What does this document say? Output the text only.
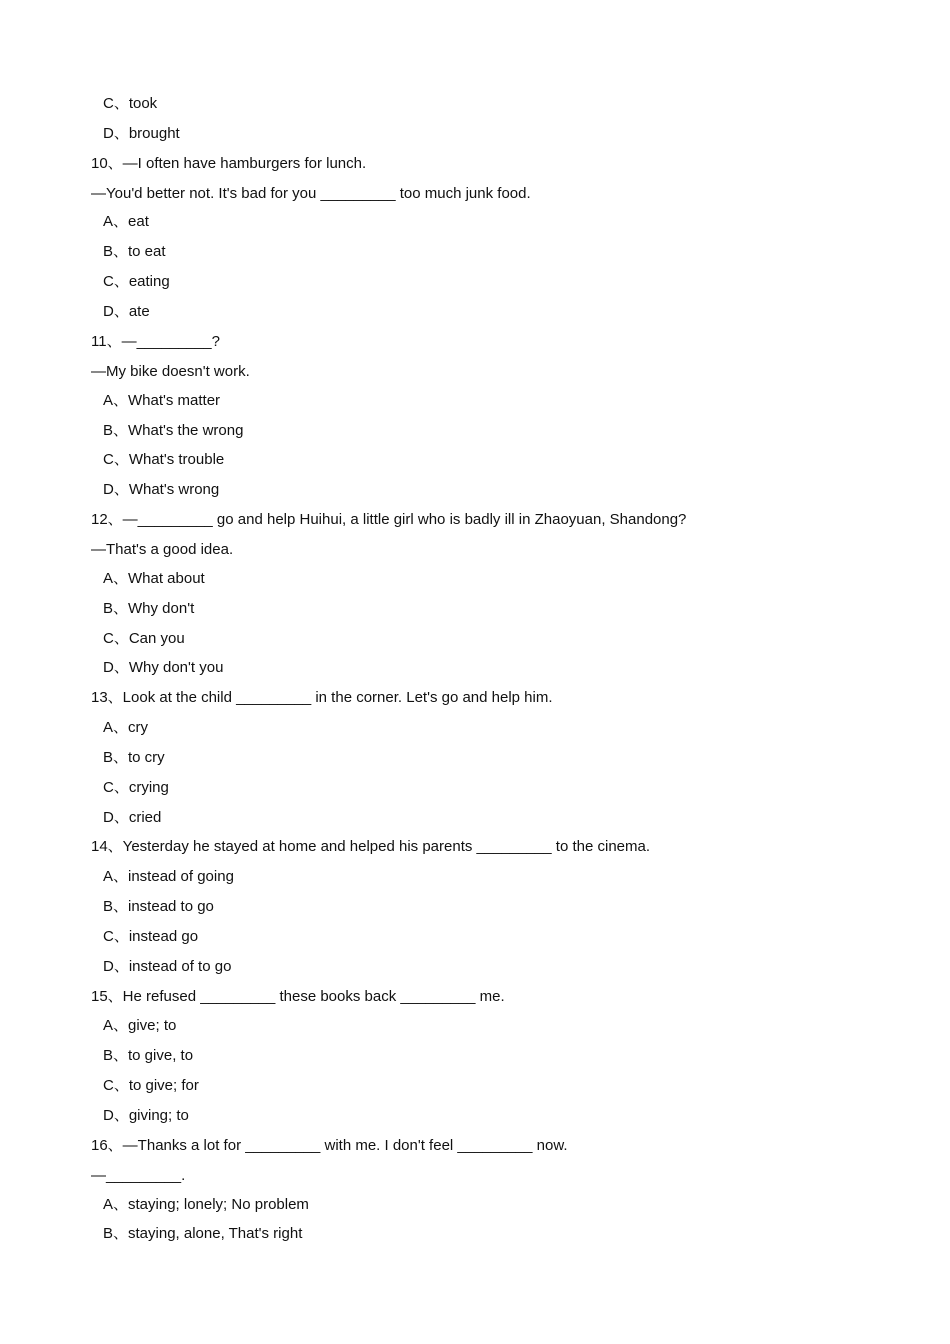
C、took
D、brought
10、—I often have hamburgers for lunch.
—You'd better not. It's bad for you _________ too much junk food.
A、eat
B、to eat
C、eating
D、ate
11、—_________?
—My bike doesn't work.
A、What's matter
B、What's the wrong
C、What's trouble
D、What's wrong
12、—_________ go and help Huihui, a little girl who is badly ill in Zhaoyuan, Shandong?
—That's a good idea.
A、What about
B、Why don't
C、Can you
D、Why don't you
13、Look at the child _________ in the corner. Let's go and help him.
A、cry
B、to cry
C、crying
D、cried
14、Yesterday he stayed at home and helped his parents _________ to the cinema.
A、instead of going
B、instead to go
C、instead go
D、instead of to go
15、He refused _________ these books back _________ me.
A、give; to
B、to give, to
C、to give; for
D、giving; to
16、—Thanks a lot for _________ with me. I don't feel _________ now.
—_________.
A、staying; lonely; No problem
B、staying, alone, That's right
